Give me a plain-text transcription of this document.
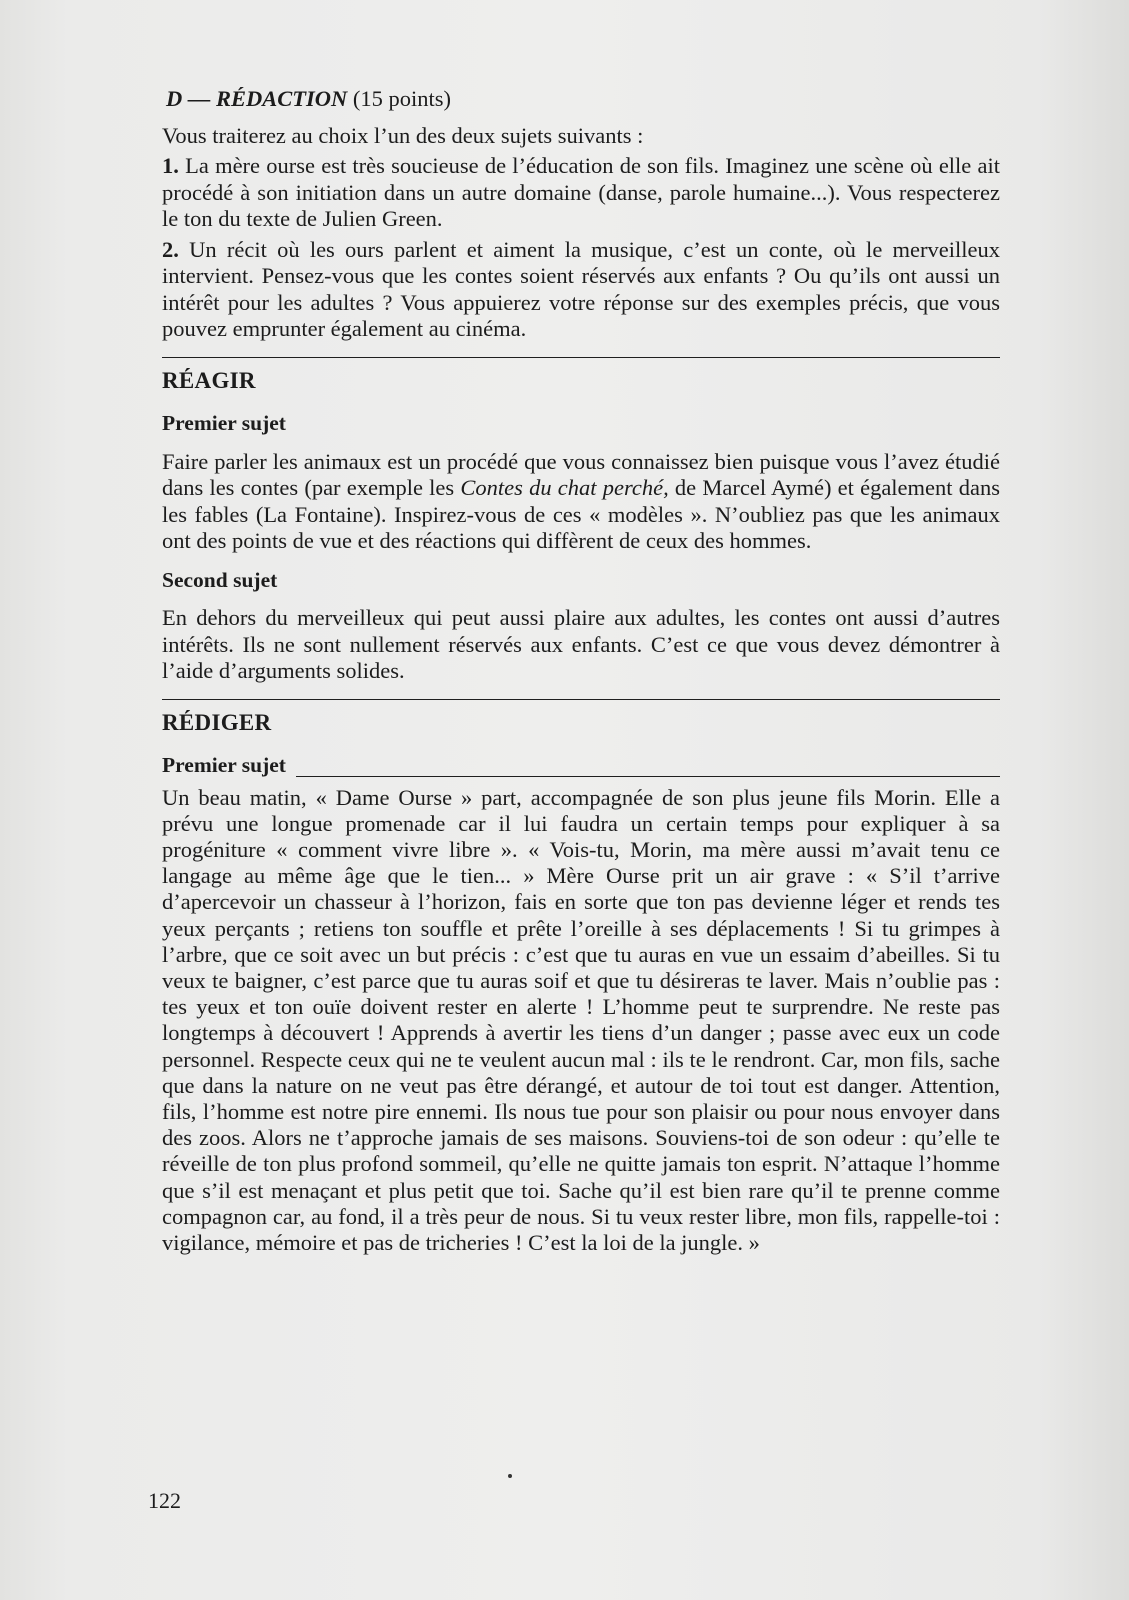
D — RÉDACTION (15 points)

Vous traiterez au choix l’un des deux sujets suivants :

1. La mère ourse est très soucieuse de l’éducation de son fils. Imaginez une scène où elle ait procédé à son initiation dans un autre domaine (danse, parole humaine...). Vous respecterez le ton du texte de Julien Green.

2. Un récit où les ours parlent et aiment la musique, c’est un conte, où le merveilleux intervient. Pensez-vous que les contes soient réservés aux enfants ? Ou qu’ils ont aussi un intérêt pour les adultes ? Vous appuierez votre réponse sur des exemples précis, que vous pouvez emprunter également au cinéma.

RÉAGIR
Premier sujet

Faire parler les animaux est un procédé que vous connaissez bien puisque vous l’avez étudié dans les contes (par exemple les Contes du chat perché, de Marcel Aymé) et également dans les fables (La Fontaine). Inspirez-vous de ces « modèles ». N’oubliez pas que les animaux ont des points de vue et des réactions qui diffèrent de ceux des hommes.

Second sujet

En dehors du merveilleux qui peut aussi plaire aux adultes, les contes ont aussi d’autres intérêts. Ils ne sont nullement réservés aux enfants. C’est ce que vous devez démontrer à l’aide d’arguments solides.

RÉDIGER
Premier sujet

Un beau matin, « Dame Ourse » part, accompagnée de son plus jeune fils Morin. Elle a prévu une longue promenade car il lui faudra un certain temps pour expliquer à sa progéniture « comment vivre libre ». « Vois-tu, Morin, ma mère aussi m’avait tenu ce langage au même âge que le tien... » Mère Ourse prit un air grave : « S’il t’arrive d’apercevoir un chasseur à l’horizon, fais en sorte que ton pas devienne léger et rends tes yeux perçants ; retiens ton souffle et prête l’oreille à ses déplacements ! Si tu grimpes à l’arbre, que ce soit avec un but précis : c’est que tu auras en vue un essaim d’abeilles. Si tu veux te baigner, c’est parce que tu auras soif et que tu désireras te laver. Mais n’oublie pas : tes yeux et ton ouïe doivent rester en alerte ! L’homme peut te surprendre. Ne reste pas longtemps à découvert ! Apprends à avertir les tiens d’un danger ; passe avec eux un code personnel. Respecte ceux qui ne te veulent aucun mal : ils te le rendront. Car, mon fils, sache que dans la nature on ne veut pas être dérangé, et autour de toi tout est danger. Attention, fils, l’homme est notre pire ennemi. Ils nous tue pour son plaisir ou pour nous envoyer dans des zoos. Alors ne t’approche jamais de ses maisons. Souviens-toi de son odeur : qu’elle te réveille de ton plus profond sommeil, qu’elle ne quitte jamais ton esprit. N’attaque l’homme que s’il est menaçant et plus petit que toi. Sache qu’il est bien rare qu’il te prenne comme compagnon car, au fond, il a très peur de nous. Si tu veux rester libre, mon fils, rappelle-toi : vigilance, mémoire et pas de tricheries ! C’est la loi de la jungle. »

122
